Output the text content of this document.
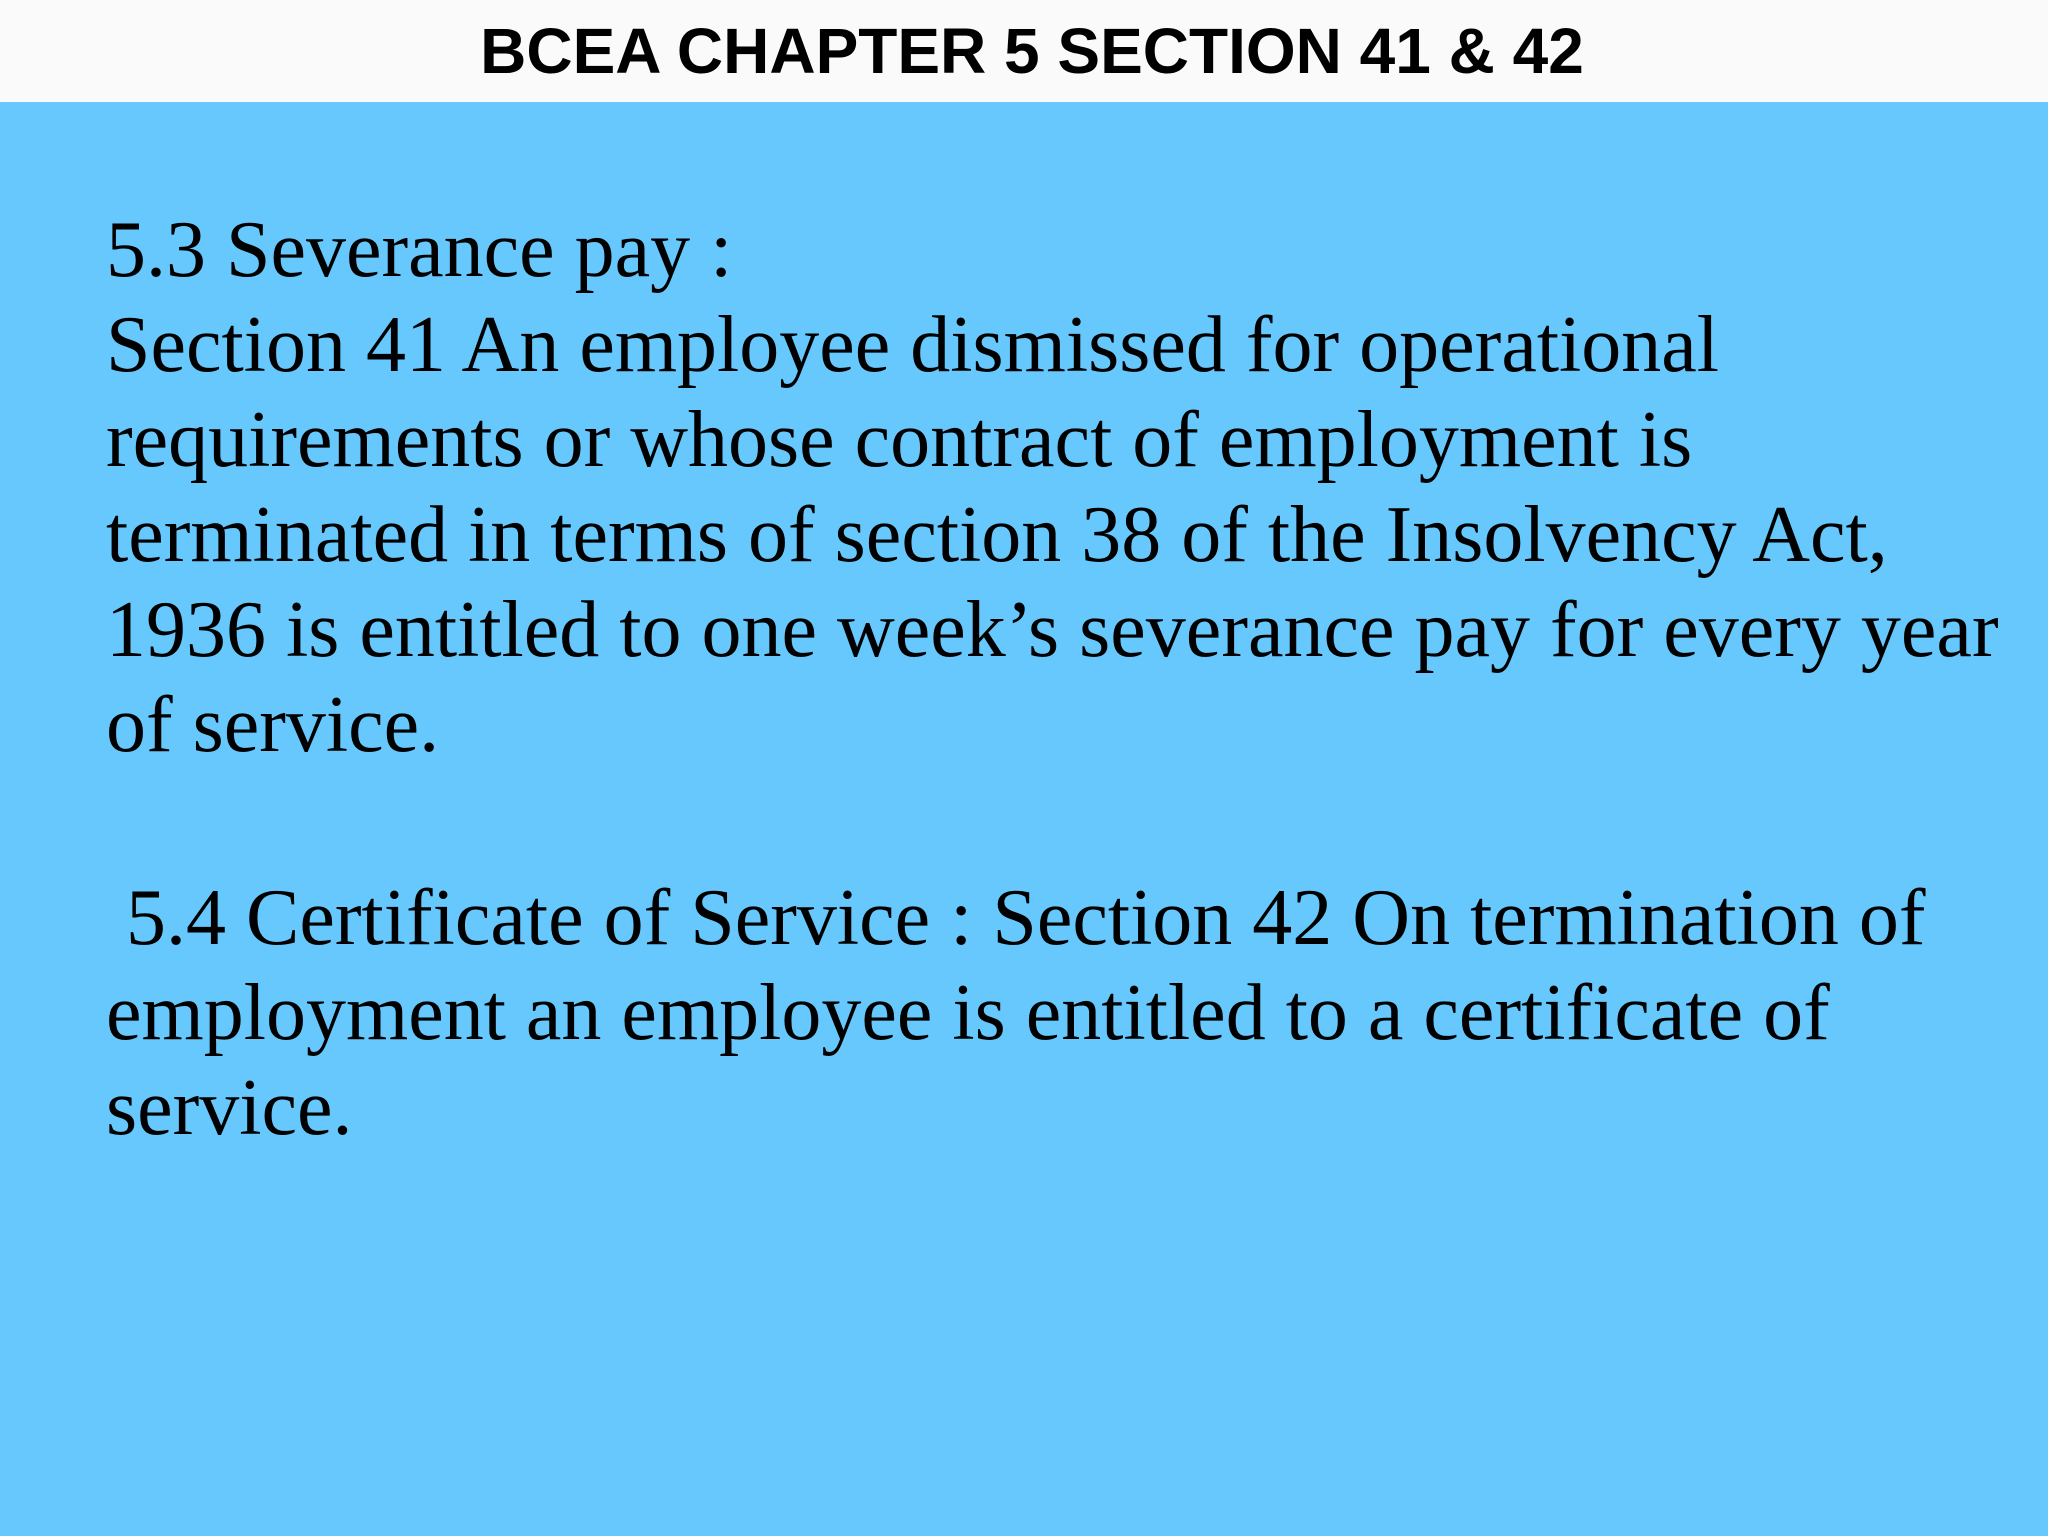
BCEA CHAPTER 5 SECTION 41 & 42
5.3 Severance pay :
Section 41 An employee dismissed for operational
requirements or whose contract of employment is
terminated in terms of section 38 of the Insolvency Act,
1936 is entitled to one week’s severance pay for every year
of service.
5.4 Certificate of Service : Section 42 On termination of
employment an employee is entitled to a certificate of
service.
